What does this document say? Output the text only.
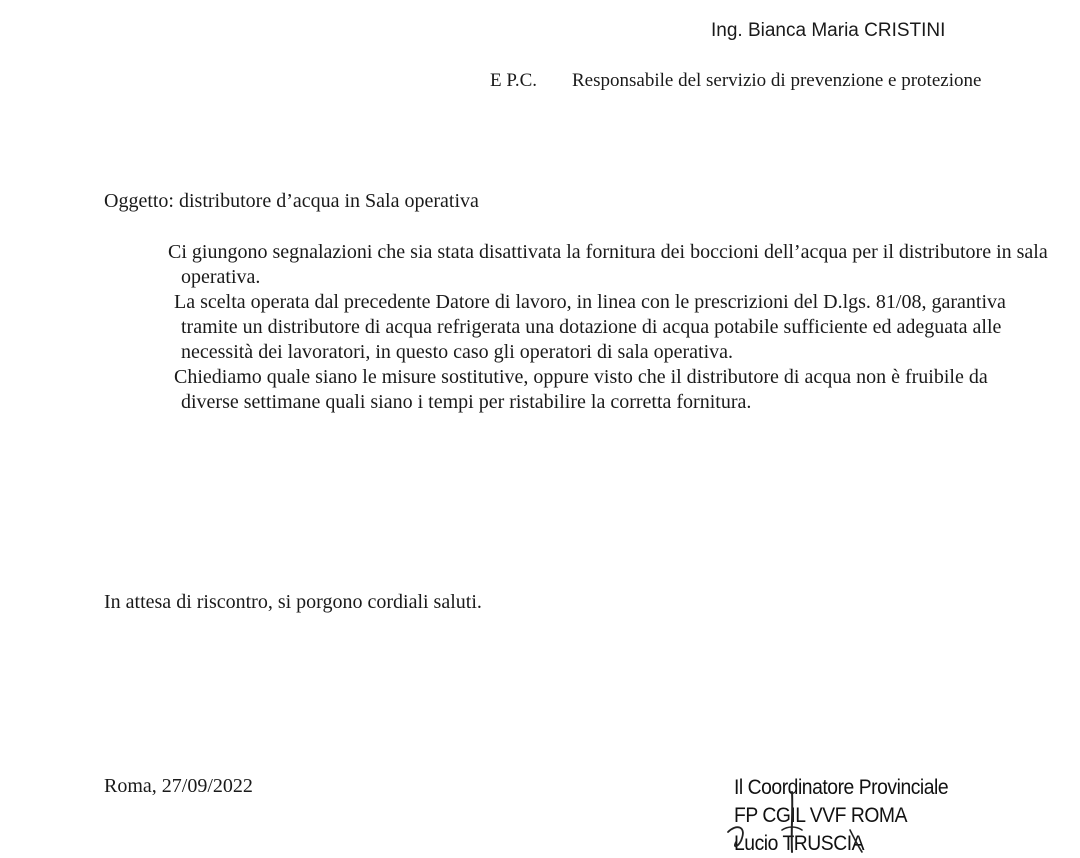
Ing. Bianca Maria CRISTINI
E P.C. Responsabile del servizio di prevenzione e protezione
Oggetto: distributore d’acqua in Sala operativa

Ci giungono segnalazioni che sia stata disattivata la fornitura dei boccioni dell’acqua per il distributore in sala operativa.

La scelta operata dal precedente Datore di lavoro, in linea con le prescrizioni del D.lgs. 81/08, garantiva tramite un distributore di acqua refrigerata una dotazione di acqua potabile sufficiente ed adeguata alle necessità dei lavoratori, in questo caso gli operatori di sala operativa.

Chiediamo quale siano le misure sostitutive, oppure visto che il distributore di acqua non è fruibile da diverse settimane quali siano i tempi per ristabilire la corretta fornitura.

In attesa di riscontro, si porgono cordiali saluti.
Roma, 27/09/2022	Il Coordinatore Provinciale
FP CGIL VVF ROMA
Lucio TRUSCIA
